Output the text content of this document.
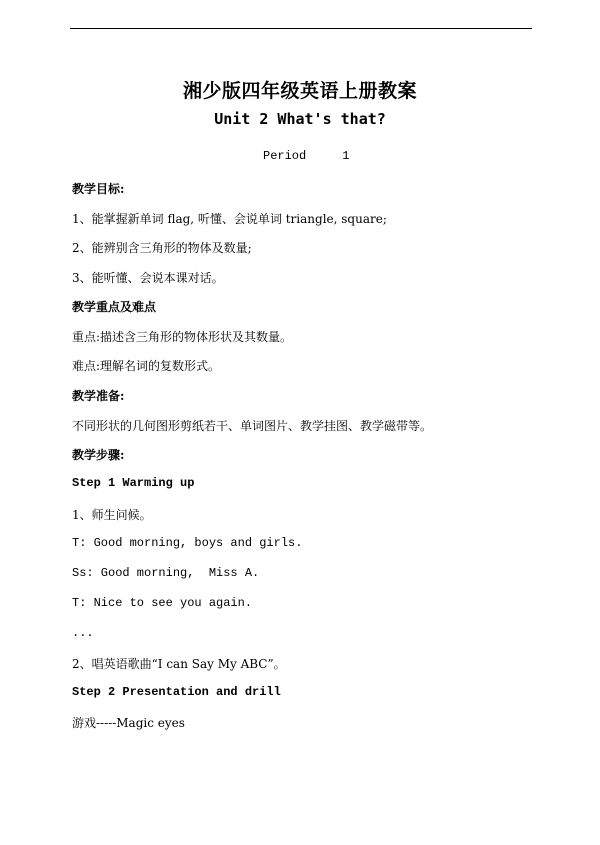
湘少版四年级英语上册教案
Unit 2 What's that?
Period	1
教学目标:
1、能掌握新单词 flag, 听懂、会说单词 triangle, square;
2、能辨别含三角形的物体及数量;
3、能听懂、会说本课对话。
教学重点及难点
重点:描述含三角形的物体形状及其数量。
难点:理解名词的复数形式。
教学准备:
不同形状的几何图形剪纸若干、单词图片、教学挂图、教学磁带等。
教学步骤:
Step 1 Warming up
1、师生问候。
T: Good morning, boys and girls.
Ss: Good morning,  Miss A.
T: Nice to see you again.
...
2、唱英语歌曲“I can Say My ABC”。
Step 2 Presentation and drill
游戏-----Magic eyes
